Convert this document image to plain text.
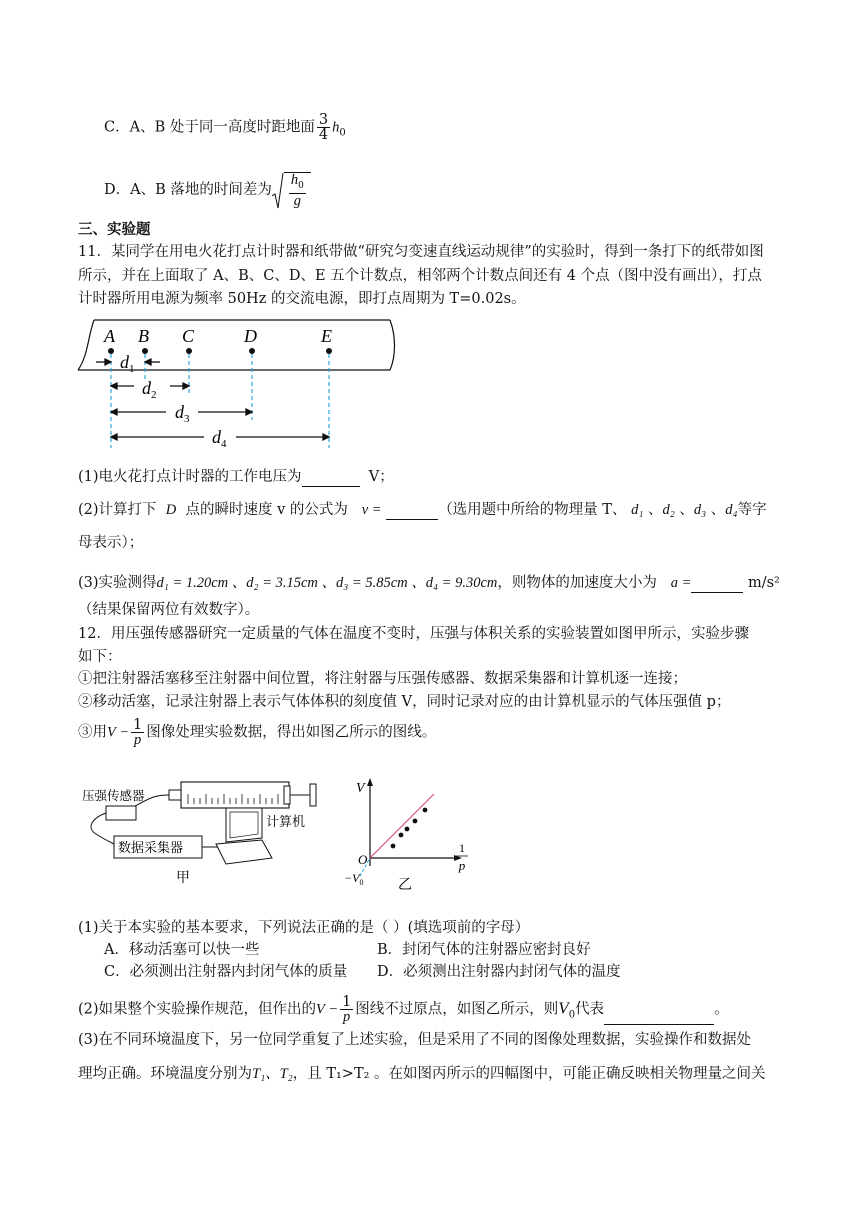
C．A、B 处于同一高度时距地面 $\frac{3}{4} h_0$
D．A、B 落地的时间差为 $\frac{h_0}{g}$
三、实验题
11．某同学在用电火花打点计时器和纸带做“研究匀变速直线运动规律”的实验时，得到一条打下的纸带如图
所示，并在上面取了 A、B、C、D、E 五个计数点，相邻两个计数点间还有 4 个点（图中没有画出），打点
计时器所用电源为频率 50Hz 的交流电源，即打点周期为 T=0.02s。
A B C	D	E
$d_1$
$d_2$
$d_3$
$d_4$
(1)电火花打点计时器的工作电压为	V；
(2)计算打下 D 点的瞬时速度 v 的公式为 v =	（选用题中所给的物理量 T、 d₁ 、d₂ 、d₃ 、d₄等字
母表示）；
(3)实验测得d₁ = 1.20cm 、d₂ = 3.15cm 、d₃ = 5.85cm 、d₄ = 9.30cm，则物体的加速度大小为 a =	m/s²
（结果保留两位有效数字）。
12．用压强传感器研究一定质量的气体在温度不变时，压强与体积关系的实验装置如图甲所示，实验步骤
如下：
①把注射器活塞移至注射器中间位置，将注射器与压强传感器、数据采集器和计算机逐一连接；
②移动活塞，记录注射器上表示气体体积的刻度值 V，同时记录对应的由计算机显示的气体压强值 p；
③用$V - \frac{1}{p}$ 图像处理实验数据，得出如图乙所示的图线。
压强传感器
数据采集器
计算机
甲
V
O
$-V_0$
1
p
乙
(1)关于本实验的基本要求，下列说法正确的是（ ）(填选项前的字母）
A．移动活塞可以快一些	B．封闭气体的注射器应密封良好
C．必须测出注射器内封闭气体的质量 D．必须测出注射器内封闭气体的温度
(2)如果整个实验操作规范，但作出的$V - \frac{1}{p}$ 图线不过原点，如图乙所示，则$V_0$代表	。
(3)在不同环境温度下，另一位同学重复了上述实验，但是采用了不同的图像处理数据，实验操作和数据处
理均正确。环境温度分别为T₁、T₂，且 T₁>T₂ 。在如图丙所示的四幅图中，可能正确反映相关物理量之间关
